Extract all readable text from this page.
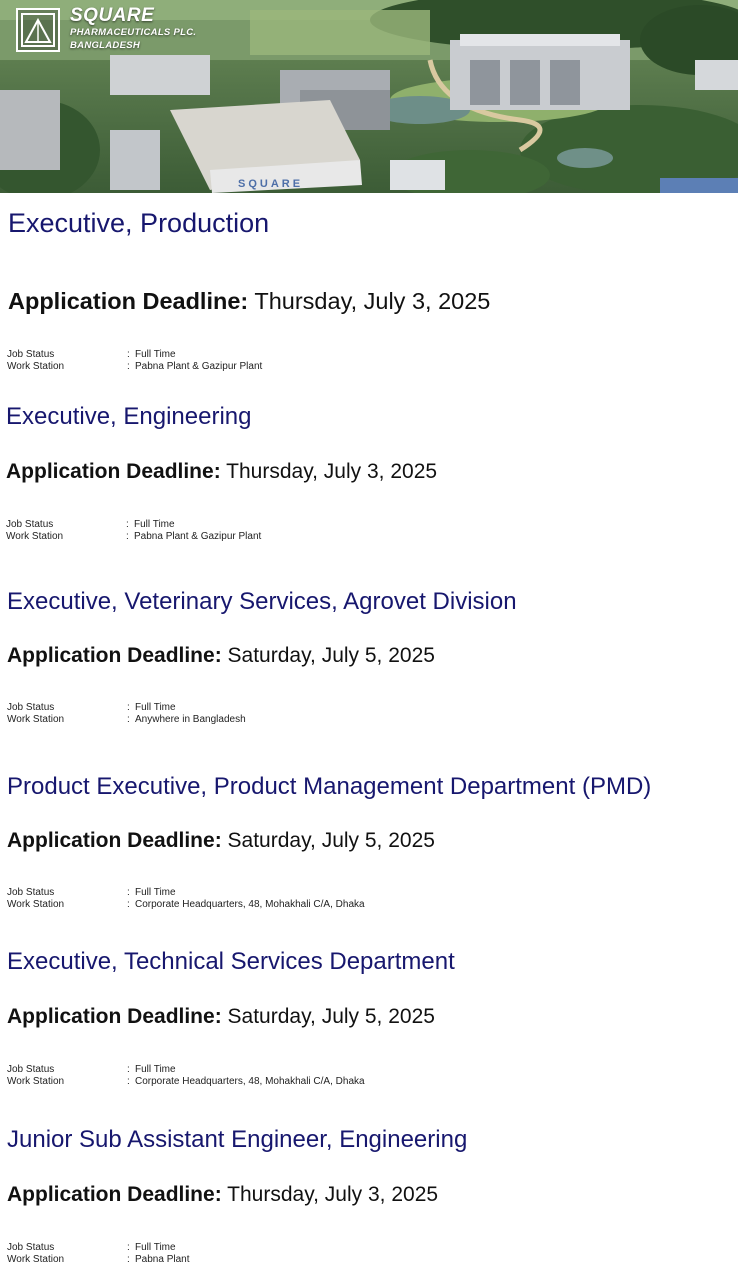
SQUARE
SQUARE
PHARMACEUTICALS PLC.
BANGLADESH
Executive, Production

Application Deadline: Thursday, July 3, 2025

Job Status	: Full Time
Work Station	: Pabna Plant & Gazipur Plant
Executive, Engineering

Application Deadline: Thursday, July 3, 2025

Job Status	: Full Time
Work Station	: Pabna Plant & Gazipur Plant
Executive, Veterinary Services, Agrovet Division

Application Deadline: Saturday, July 5, 2025

Job Status	: Full Time
Work Station	: Anywhere in Bangladesh
Product Executive, Product Management Department (PMD)

Application Deadline: Saturday, July 5, 2025

Job Status	: Full Time
Work Station	: Corporate Headquarters, 48, Mohakhali C/A, Dhaka
Executive, Technical Services Department

Application Deadline: Saturday, July 5, 2025

Job Status	: Full Time
Work Station	: Corporate Headquarters, 48, Mohakhali C/A, Dhaka
Junior Sub Assistant Engineer, Engineering

Application Deadline: Thursday, July 3, 2025

Job Status	: Full Time
Work Station	: Pabna Plant
